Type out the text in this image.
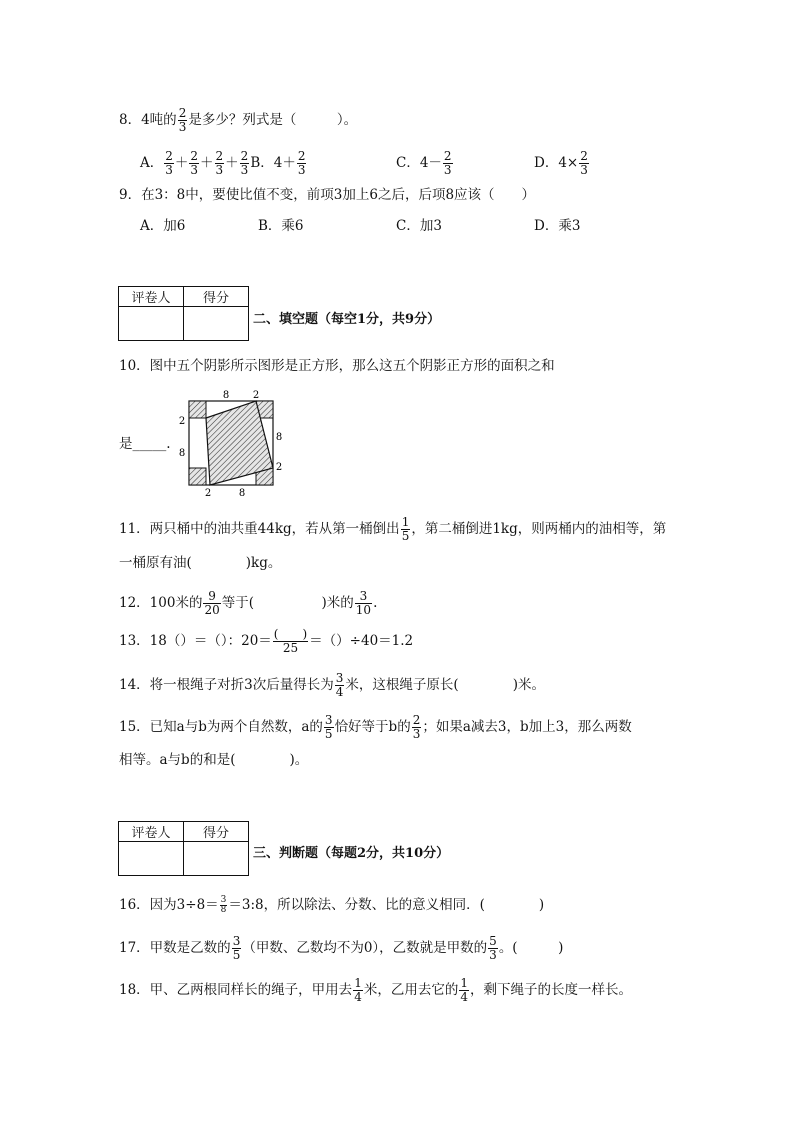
8．4吨的 $\frac{2}{3}$ 是多少？列式是（　　　）。
A． $\frac{2}{3} + \frac{2}{3} + \frac{2}{3} + \frac{2}{3}$ B．$4+ \frac{2}{3}$	C．$4- \frac{2}{3}$	D．$4\times \frac{2}{3}$
9．在3：8中，要使比值不变，前项3加上6之后，后项8应该（　　）
A．加6	B．乘6	C．加3	D．乘3
评卷人	得分

二、填空题（每空1分，共9分）
10．图中五个阴影所示图形是正方形，那么这五个阴影正方形的面积之和
是_____.
8 2
2
8
8
2
2	8
11．两只桶中的油共重44kg，若从第一桶倒出 $\frac{1}{5}$ ，第二桶倒进1kg，则两桶内的油相等，第
一桶原有油(　　　　)kg。
12．100米的 $\frac{9}{20}$ 等于(　　　　　)米的 $\frac{3}{10}$ .
13．18（）＝（）：$20= \frac{( )}{25} =()\div 40=1.2$
14．将一根绳子对折3次后量得长为 $\frac{3}{4}$ 米，这根绳子原长(　　　　)米。
15．已知a与b为两个自然数，a的 $\frac{3}{5}$ 恰好等于b的 $\frac{2}{3}$ ；如果a减去3，b加上3，那么两数
相等。a与b的和是(　　　　)。
评卷人	得分

三、判断题（每题2分，共10分）
16．因为$3\div 8= \frac{3}{8}$ ＝3:8，所以除法、分数、比的意义相同．(　　　　)
17．甲数是乙数的 $\frac{3}{5}$ （甲数、乙数均不为0），乙数就是甲数的 $\frac{5}{3}$ 。(　　　)
18．甲、乙两根同样长的绳子，甲用去 $\frac{1}{4}$ 米，乙用去它的 $\frac{1}{4}$ ，剩下绳子的长度一样长。
